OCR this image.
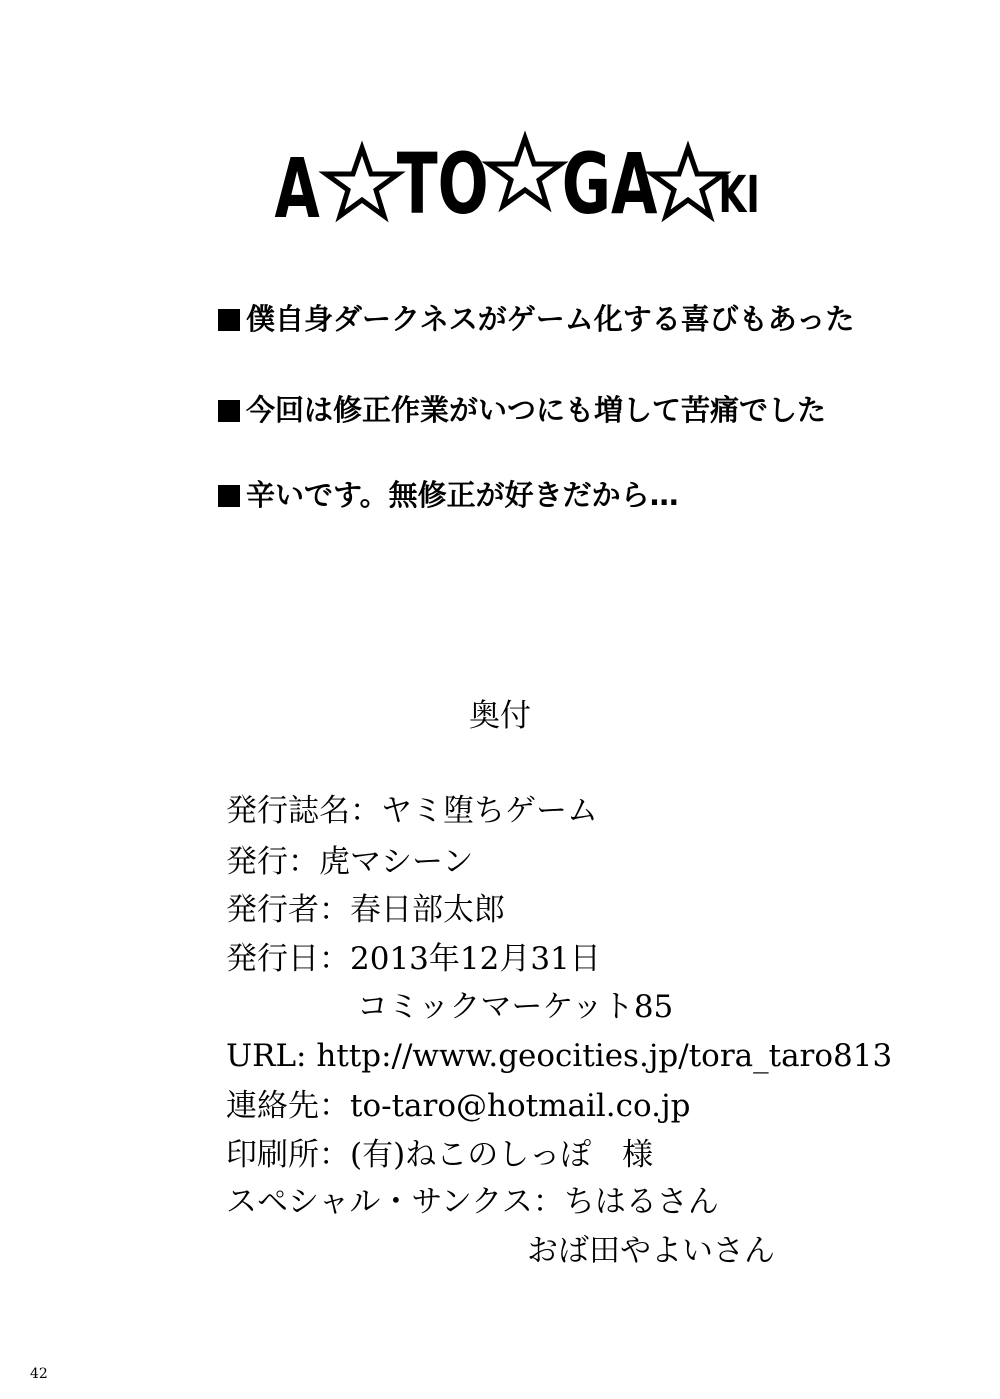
A TO GA KI
僕自身ダークネスがゲーム化する喜びもあった
今回は修正作業がいつにも増して苦痛でした
辛いです。無修正が好きだから…
奥付
発行誌名：ヤミ堕ちゲーム
発行：虎マシーン
発行者：春日部太郎
発行日：2013年12月31日
コミックマーケット85
URL: http://www.geocities.jp/tora_taro813
連絡先：to-taro@hotmail.co.jp
印刷所：(有)ねこのしっぽ　様
スペシャル・サンクス：ちはるさん
おば田やよいさん
42
